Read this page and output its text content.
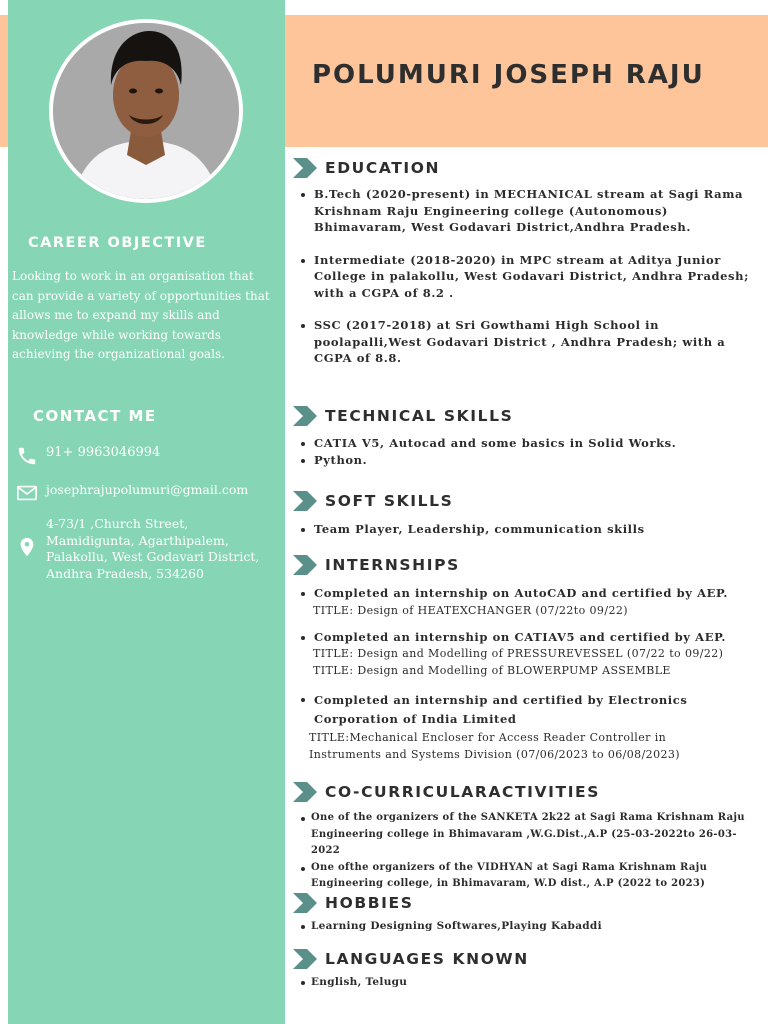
POLUMURI JOSEPH RAJU
CAREER OBJECTIVE

Looking to work in an organisation that can provide a variety of opportunities that allows me to expand my skills and knowledge while working towards achieving the organizational goals.

CONTACT ME

91+ 9963046994

josephrajupolumuri@gmail.com

4-73/1 ,Church Street, Mamidigunta, Agarthipalem, Palakollu, West Godavari District, Andhra Pradesh, 534260

EDUCATION
B.Tech (2020-present) in MECHANICAL stream at Sagi Rama Krishnam Raju Engineering college (Autonomous) Bhimavaram, West Godavari District,Andhra Pradesh.
Intermediate (2018-2020) in MPC stream at Aditya Junior College in palakollu, West Godavari District, Andhra Pradesh; with a CGPA of 8.2 .
SSC (2017-2018) at Sri Gowthami High School in poolapalli,West Godavari District , Andhra Pradesh; with a CGPA of 8.8.
TECHNICAL SKILLS
CATIA V5, Autocad and some basics in Solid Works.
Python.
SOFT SKILLS
Team Player, Leadership, communication skills
INTERNSHIPS
Completed an internship on AutoCAD and certified by AEP.
TITLE: Design of HEATEXCHANGER (07/22to 09/22)
Completed an internship on CATIAV5 and certified by AEP.
TITLE: Design and Modelling of PRESSUREVESSEL (07/22 to 09/22)
TITLE: Design and Modelling of BLOWERPUMP ASSEMBLE
Completed an internship and certified by Electronics Corporation of India Limited
TITLE:Mechanical Encloser for Access Reader Controller in Instruments and Systems Division (07/06/2023 to 06/08/2023)
CO-CURRICULARACTIVITIES
One of the organizers of the SANKETA 2k22 at Sagi Rama Krishnam Raju Engineering college in Bhimavaram ,W.G.Dist.,A.P (25-03-2022to 26-03-2022
One ofthe organizers of the VIDHYAN at Sagi Rama Krishnam Raju Engineering college, in Bhimavaram, W.D dist., A.P (2022 to 2023)
HOBBIES
Learning Designing Softwares,Playing Kabaddi
LANGUAGES KNOWN
English, Telugu
